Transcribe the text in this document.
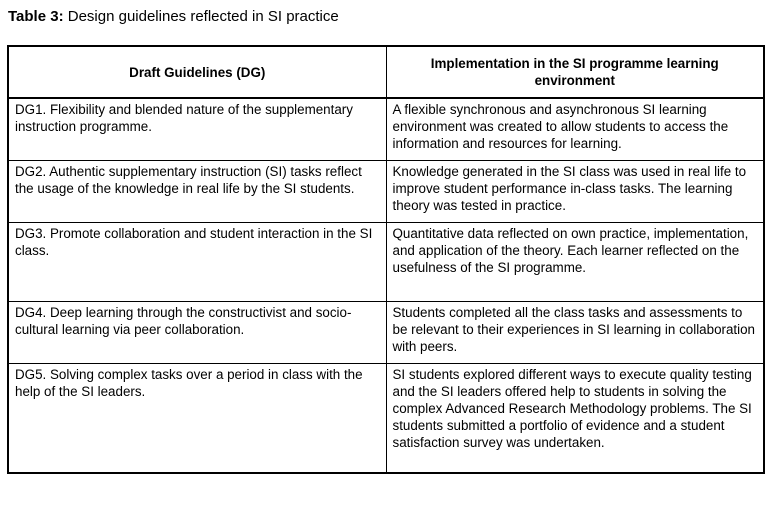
Table 3: Design guidelines reflected in SI practice
Draft Guidelines (DG)	Implementation in the SI programme learning environment
DG1. Flexibility and blended nature of the supplementary instruction programme.	A flexible synchronous and asynchronous SI learning environment was created to allow students to access the information and resources for learning.
DG2. Authentic supplementary instruction (SI) tasks reflect the usage of the knowledge in real life by the SI students.	Knowledge generated in the SI class was used in real life to improve student performance in-class tasks. The learning theory was tested in practice.
DG3. Promote collaboration and student interaction in the SI class.	Quantitative data reflected on own practice, implementation, and application of the theory. Each learner reflected on the usefulness of the SI programme.
DG4. Deep learning through the constructivist and socio-cultural learning via peer collaboration.	Students completed all the class tasks and assessments to be relevant to their experiences in SI learning in collaboration with peers.
DG5. Solving complex tasks over a period in class with the help of the SI leaders.	SI students explored different ways to execute quality testing and the SI leaders offered help to students in solving the complex Advanced Research Methodology problems. The SI students submitted a portfolio of evidence and a student satisfaction survey was undertaken.
